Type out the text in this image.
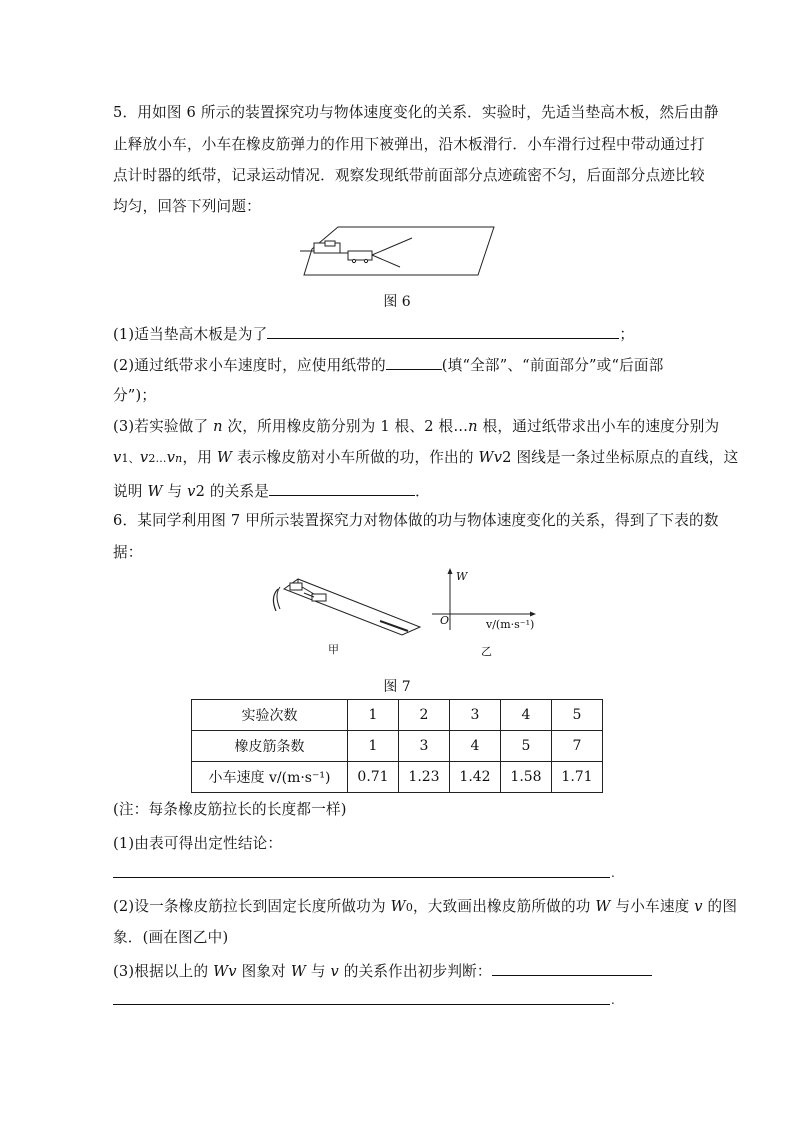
5．用如图 6 所示的装置探究功与物体速度变化的关系．实验时，先适当垫高木板，然后由静
止释放小车，小车在橡皮筋弹力的作用下被弹出，沿木板滑行．小车滑行过程中带动通过打
点计时器的纸带，记录运动情况．观察发现纸带前面部分点迹疏密不匀，后面部分点迹比较
均匀，回答下列问题：
图 6
(1)适当垫高木板是为了	；
(2)通过纸带求小车速度时，应使用纸带的	(填“全部”、“前面部分”或“后面部
分”)；
(3)若实验做了 n 次，所用橡皮筋分别为 1 根、2 根…n 根，通过纸带求出小车的速度分别为
v1、v2…vn，用 W 表示橡皮筋对小车所做的功，作出的 Wv2 图线是一条过坐标原点的直线，这
说明 W 与 v2 的关系是	．
6．某同学利用图 7 甲所示装置探究力对物体做的功与物体速度变化的关系，得到了下表的数
据：
W
O	v/(m·s⁻¹)
甲	乙
图 7
实验次数	1	2	3	4	5
橡皮筋条数	1	3	4	5	7
小车速度 v/(m·s⁻¹)	0.71	1.23	1.42	1.58	1.71
(注：每条橡皮筋拉长的长度都一样)
(1)由表可得出定性结论：
.
(2)设一条橡皮筋拉长到固定长度所做功为 W0，大致画出橡皮筋所做的功 W 与小车速度 v 的图
象．(画在图乙中)
(3)根据以上的 Wv 图象对 W 与 v 的关系作出初步判断：
.
